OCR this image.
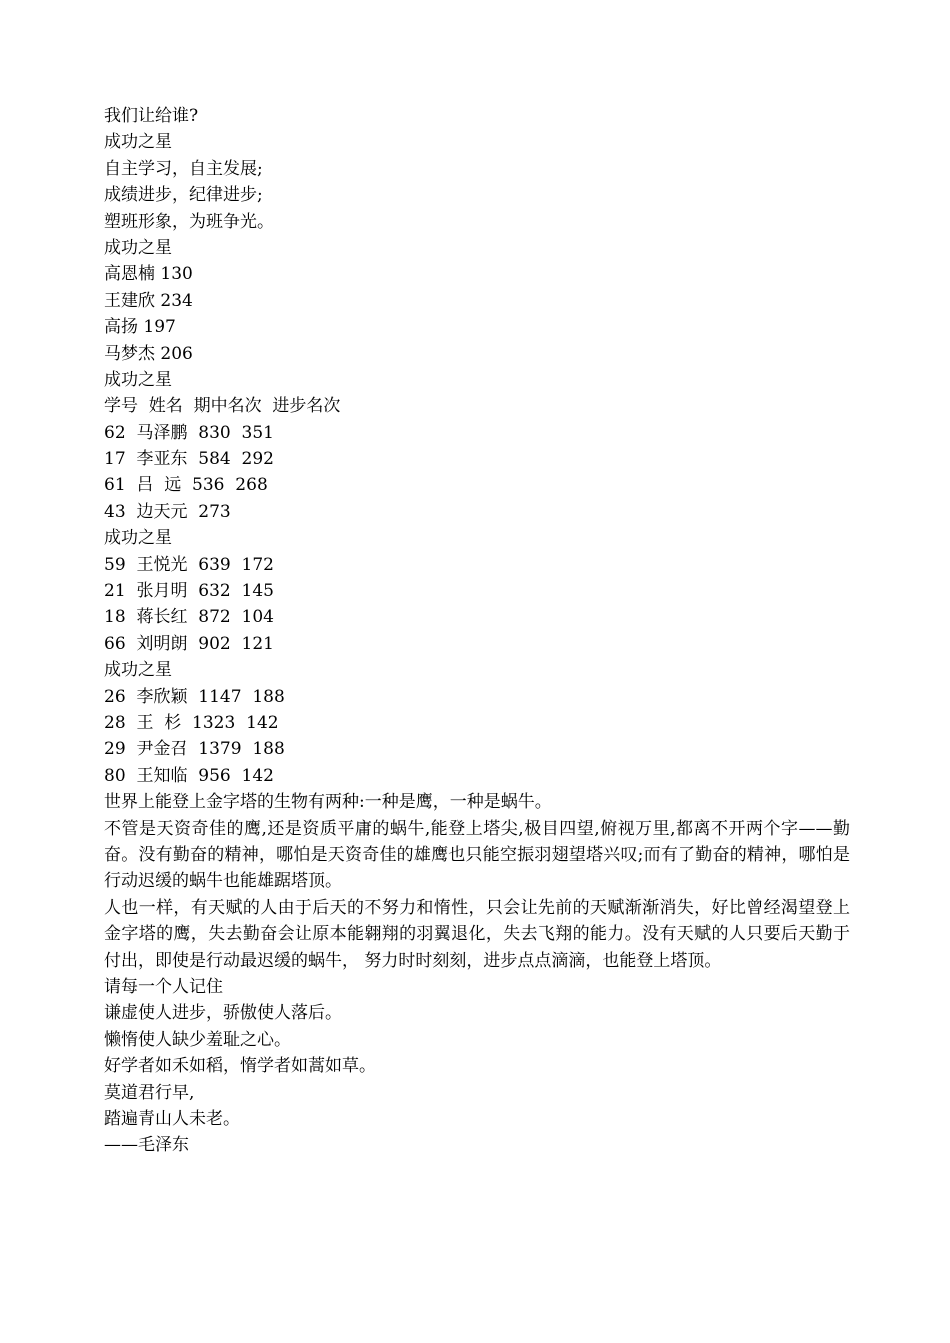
我们让给谁?
成功之星
自主学习，自主发展;
成绩进步，纪律进步;
塑班形象，为班争光。
成功之星
高恩楠 130
王建欣 234
高扬 197
马梦杰 206
成功之星
学号  姓名  期中名次  进步名次
62  马泽鹏  830  351
17  李亚东  584  292
61  吕  远  536  268
43  边天元  273
成功之星
59  王悦光  639  172
21  张月明  632  145
18  蒋长红  872  104
66  刘明朗  902  121
成功之星
26  李欣颖  1147  188
28  王  杉  1323  142
29  尹金召  1379  188
80  王知临  956  142
世界上能登上金字塔的生物有两种:一种是鹰，一种是蜗牛。
不管是天资奇佳的鹰,还是资质平庸的蜗牛,能登上塔尖,极目四望,俯视万里,都离不开两个字——勤奋。没有勤奋的精神，哪怕是天资奇佳的雄鹰也只能空振羽翅望塔兴叹;而有了勤奋的精神，哪怕是行动迟缓的蜗牛也能雄踞塔顶。
人也一样，有天赋的人由于后天的不努力和惰性，只会让先前的天赋渐渐消失，好比曾经渴望登上金字塔的鹰，失去勤奋会让原本能翱翔的羽翼退化，失去飞翔的能力。没有天赋的人只要后天勤于付出，即使是行动最迟缓的蜗牛， 努力时时刻刻，进步点点滴滴，也能登上塔顶。
请每一个人记住
谦虚使人进步，骄傲使人落后。
懒惰使人缺少羞耻之心。
好学者如禾如稻，惰学者如蒿如草。
莫道君行早,
踏遍青山人未老。
——毛泽东
